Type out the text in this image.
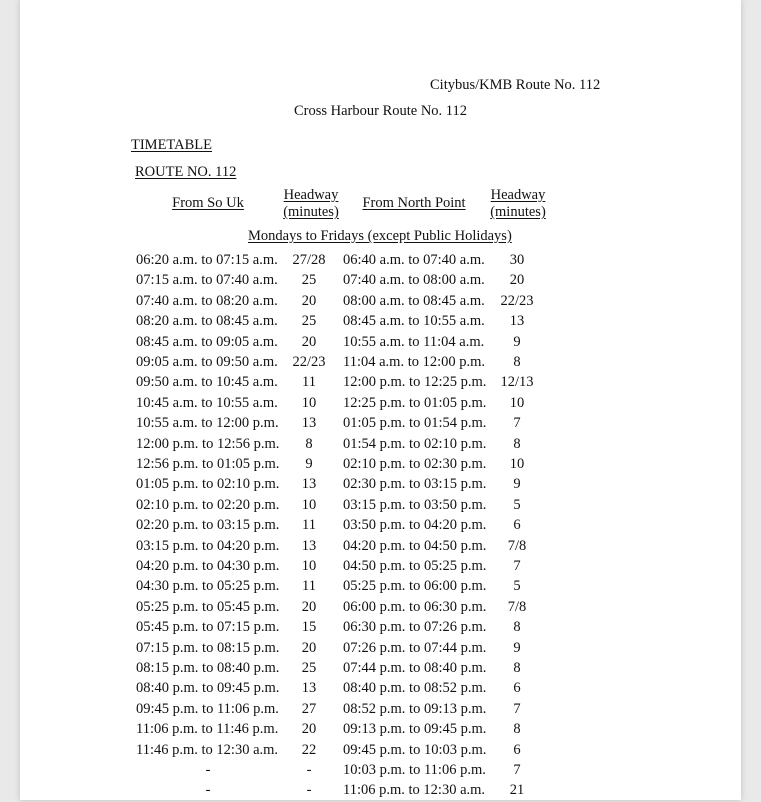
Citybus/KMB Route No. 112
Cross Harbour Route No. 112
TIMETABLE
ROUTE NO. 112
From So Uk	Headway
(minutes)
From North Point	Headway
(minutes)
Mondays to Fridays (except Public Holidays)
06:20 a.m. to 07:15 a.m.	27/28	06:40 a.m. to 07:40 a.m.	30
07:15 a.m. to 07:40 a.m.	25	07:40 a.m. to 08:00 a.m.	20
07:40 a.m. to 08:20 a.m.	20	08:00 a.m. to 08:45 a.m.	22/23
08:20 a.m. to 08:45 a.m.	25	08:45 a.m. to 10:55 a.m.	13
08:45 a.m. to 09:05 a.m.	20	10:55 a.m. to 11:04 a.m.	9
09:05 a.m. to 09:50 a.m.	22/23	11:04 a.m. to 12:00 p.m.	8
09:50 a.m. to 10:45 a.m.	11	12:00 p.m. to 12:25 p.m. 12/13
10:45 a.m. to 10:55 a.m.	10	12:25 p.m. to 01:05 p.m.	10
10:55 a.m. to 12:00 p.m.	13	01:05 p.m. to 01:54 p.m.	7
12:00 p.m. to 12:56 p.m.	8	01:54 p.m. to 02:10 p.m.	8
12:56 p.m. to 01:05 p.m.	9	02:10 p.m. to 02:30 p.m.	10
01:05 p.m. to 02:10 p.m.	13	02:30 p.m. to 03:15 p.m.	9
02:10 p.m. to 02:20 p.m.	10	03:15 p.m. to 03:50 p.m.	5
02:20 p.m. to 03:15 p.m.	11	03:50 p.m. to 04:20 p.m.	6
03:15 p.m. to 04:20 p.m.	13	04:20 p.m. to 04:50 p.m.	7/8
04:20 p.m. to 04:30 p.m.	10	04:50 p.m. to 05:25 p.m.	7
04:30 p.m. to 05:25 p.m.	11	05:25 p.m. to 06:00 p.m.	5
05:25 p.m. to 05:45 p.m.	20	06:00 p.m. to 06:30 p.m.	7/8
05:45 p.m. to 07:15 p.m.	15	06:30 p.m. to 07:26 p.m.	8
07:15 p.m. to 08:15 p.m.	20	07:26 p.m. to 07:44 p.m.	9
08:15 p.m. to 08:40 p.m.	25	07:44 p.m. to 08:40 p.m.	8
08:40 p.m. to 09:45 p.m.	13	08:40 p.m. to 08:52 p.m.	6
09:45 p.m. to 11:06 p.m.	27	08:52 p.m. to 09:13 p.m.	7
11:06 p.m. to 11:46 p.m.	20	09:13 p.m. to 09:45 p.m.	8
11:46 p.m. to 12:30 a.m.	22	09:45 p.m. to 10:03 p.m.	6
-	-	10:03 p.m. to 11:06 p.m.	7
-	-	11:06 p.m. to 12:30 a.m.	21
